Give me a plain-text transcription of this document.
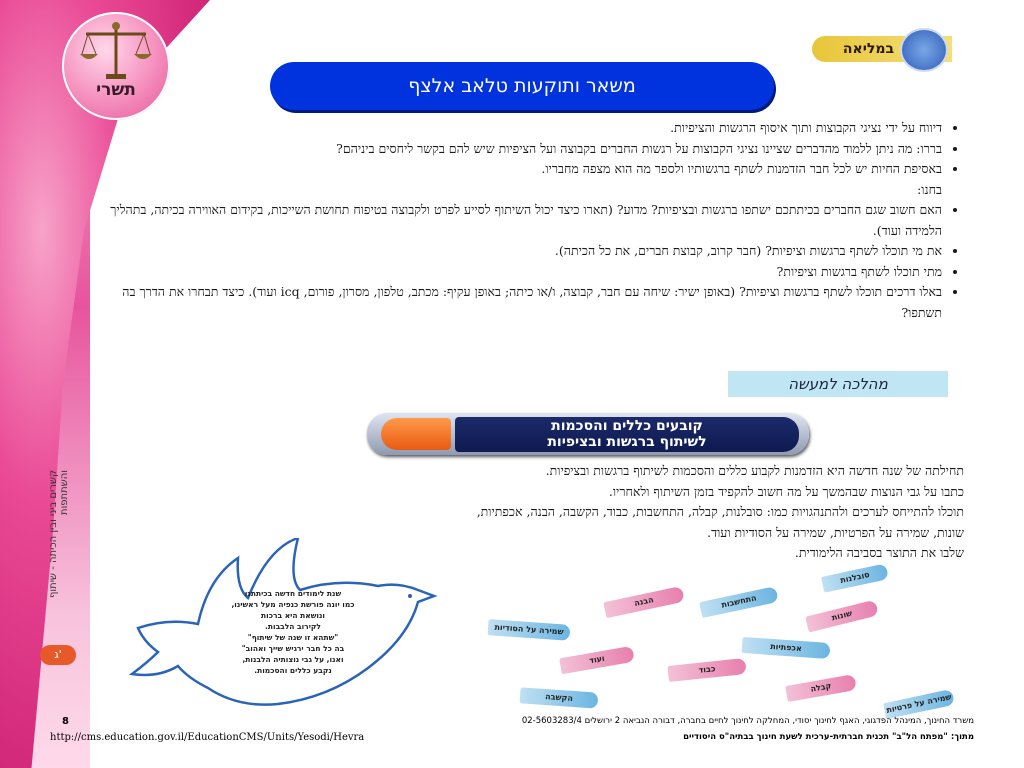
תשרי
במליאה
משאר ותוקעות טלאב אלצף
• דיווח על ידי נציגי הקבוצות ותוך איסוף הרגשות והציפיות.
• בררו: מה ניתן ללמוד מהדברים שציינו נציגי הקבוצות על רגשות החברים בקבוצה ועל הציפיות שיש להם בקשר ליחסים ביניהם?
• באסיפת החיות יש לכל חבר הזדמנות לשתף ברגשותיו ולספר מה הוא מצפה מחבריו.
בחנו:
• האם חשוב שגם החברים בכיתתכם ישתפו ברגשות ובציפיות? מדוע? (תארו כיצד יכול השיתוף לסייע לפרט ולקבוצה בטיפוח תחושת השייכות, בקידום האווירה בכיתה, בתהליך הלמידה ועוד).
• את מי תוכלו לשתף ברגשות וציפיות? (חבר קרוב, קבוצת חברים, את כל הכיתה).
• מתי תוכלו לשתף ברגשות וציפיות?
• באלו דרכים תוכלו לשתף ברגשות וציפיות? (באופן ישיר: שיחה עם חבר, קבוצה, ו/או כיתה; באופן עקיף: מכתב, טלפון, מסרון, פורום, icq ועוד). כיצד תבחרו את הדרך בה תשתפו?
מהלכה למעשה
קובעים כללים והסכמות
לשיתוף ברגשות ובציפיות

תחילתה של שנה חדשה היא הזדמנות לקבוע כללים והסכמות לשיתוף ברגשות ובציפיות.

כתבו על גבי הנוצות שבהמשך על מה חשוב להקפיד בזמן השיתוף ולאחריו.

תוכלו להתייחס לערכים ולהתנהגויות כמו: סובלנות, קבלה, התחשבות, כבוד, הקשבה, הבנה, אכפתיות,

שונות, שמירה על הפרטיות, שמירה על הסודיות ועוד.

שלבו את התוצר בסביבה הלימודית.

שנת לימודים חדשה בכיתתנו
כמו יונה פורשת כנפיה מעל ראשינו,
ונושאת היא ברכות
לקירוב הלבבות.
"שתהא זו שנה של שיתוף"
בה כל חבר ירגיש שייך ואהוב"
ואנו, על גבי נוצותיה הלבנות,
נקבע כללים והסכמות.
סובלנות
הבנה	התחשבות
שונות
שמירה על הסודיות
אכפתיות
ועוד
כבוד
הקשבה
קבלה
שמירה על פרטיות
קשרים ביני ובין הכיתה - שיתוף והשתתפות
ג'
8	משרד החינוך, המינהל הפדגוגי, האגף לחינוך יסודי, המחלקה לחינוך לחיים בחברה, דבורה הנביאה 2 ירושלים 02-5603283/4
http://cms.education.gov.il/EducationCMS/Units/Yesodi/Hevra	מתוך: "מפתח הל"ב" תכנית חברתית-ערכית לשעת חינוך בבתיה"ס היסודיים
